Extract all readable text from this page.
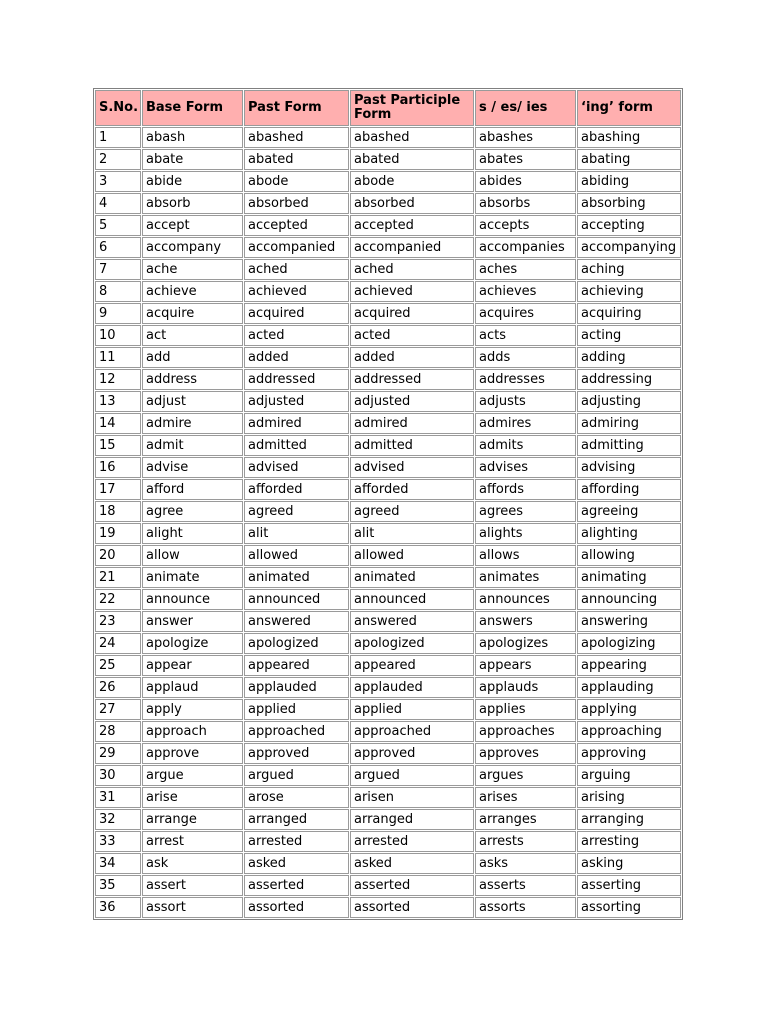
S.No.	Base Form	Past Form	Past Participle Form	s / es/ ies	‘ing’ form
1	abash	abashed	abashed	abashes	abashing
2	abate	abated	abated	abates	abating
3	abide	abode	abode	abides	abiding
4	absorb	absorbed	absorbed	absorbs	absorbing
5	accept	accepted	accepted	accepts	accepting
6	accompany	accompanied	accompanied	accompanies	accompanying
7	ache	ached	ached	aches	aching
8	achieve	achieved	achieved	achieves	achieving
9	acquire	acquired	acquired	acquires	acquiring
10	act	acted	acted	acts	acting
11	add	added	added	adds	adding
12	address	addressed	addressed	addresses	addressing
13	adjust	adjusted	adjusted	adjusts	adjusting
14	admire	admired	admired	admires	admiring
15	admit	admitted	admitted	admits	admitting
16	advise	advised	advised	advises	advising
17	afford	afforded	afforded	affords	affording
18	agree	agreed	agreed	agrees	agreeing
19	alight	alit	alit	alights	alighting
20	allow	allowed	allowed	allows	allowing
21	animate	animated	animated	animates	animating
22	announce	announced	announced	announces	announcing
23	answer	answered	answered	answers	answering
24	apologize	apologized	apologized	apologizes	apologizing
25	appear	appeared	appeared	appears	appearing
26	applaud	applauded	applauded	applauds	applauding
27	apply	applied	applied	applies	applying
28	approach	approached	approached	approaches	approaching
29	approve	approved	approved	approves	approving
30	argue	argued	argued	argues	arguing
31	arise	arose	arisen	arises	arising
32	arrange	arranged	arranged	arranges	arranging
33	arrest	arrested	arrested	arrests	arresting
34	ask	asked	asked	asks	asking
35	assert	asserted	asserted	asserts	asserting
36	assort	assorted	assorted	assorts	assorting
